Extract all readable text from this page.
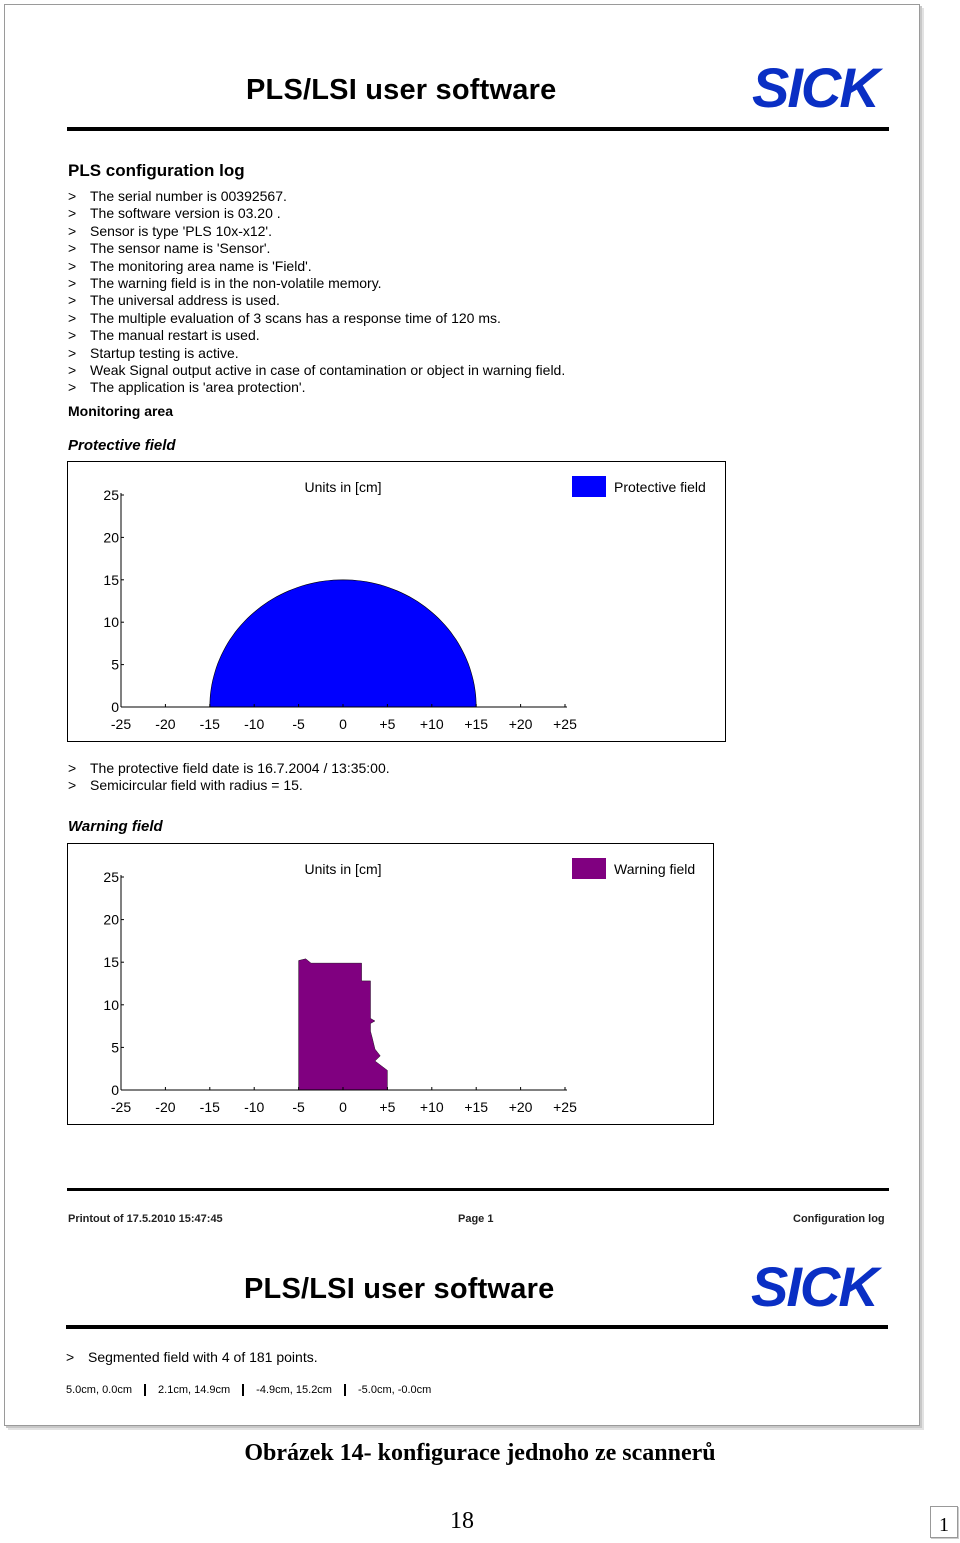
PLS/LSI user software	SICK
PLS configuration log
> The serial number is 00392567.
> The software version is 03.20 .
> Sensor is type 'PLS 10x-x12'.
> The sensor name is 'Sensor'.
> The monitoring area name is 'Field'.
> The warning field is in the non-volatile memory.
> The universal address is used.
> The multiple evaluation of 3 scans has a response time of 120 ms.
> The manual restart is used.
> Startup testing is active.
> Weak Signal output active in case of contamination or object in warning field.
> The application is 'area protection'.
Monitoring area
Protective field
-25 -20 -15 -10 -5 0 +5 +10 +15 +20 +25
0
5
10
15
20
25	Units in [cm]	Protective field
> The protective field date is 16.7.2004 / 13:35:00.
> Semicircular field with radius = 15.
Warning field
-25 -20 -15 -10 -5 0 +5 +10 +15 +20 +25
0
5
10
15
20
25	Units in [cm]	Warning field
Printout of 17.5.2010 15:47:45	Page 1	Configuration log
PLS/LSI user software	SICK
> Segmented field with 4 of 181 points.
5.0cm, 0.0cm	2.1cm, 14.9cm	-4.9cm, 15.2cm	-5.0cm, -0.0cm
Obrázek 14- konfigurace jednoho ze scannerů
18	1
